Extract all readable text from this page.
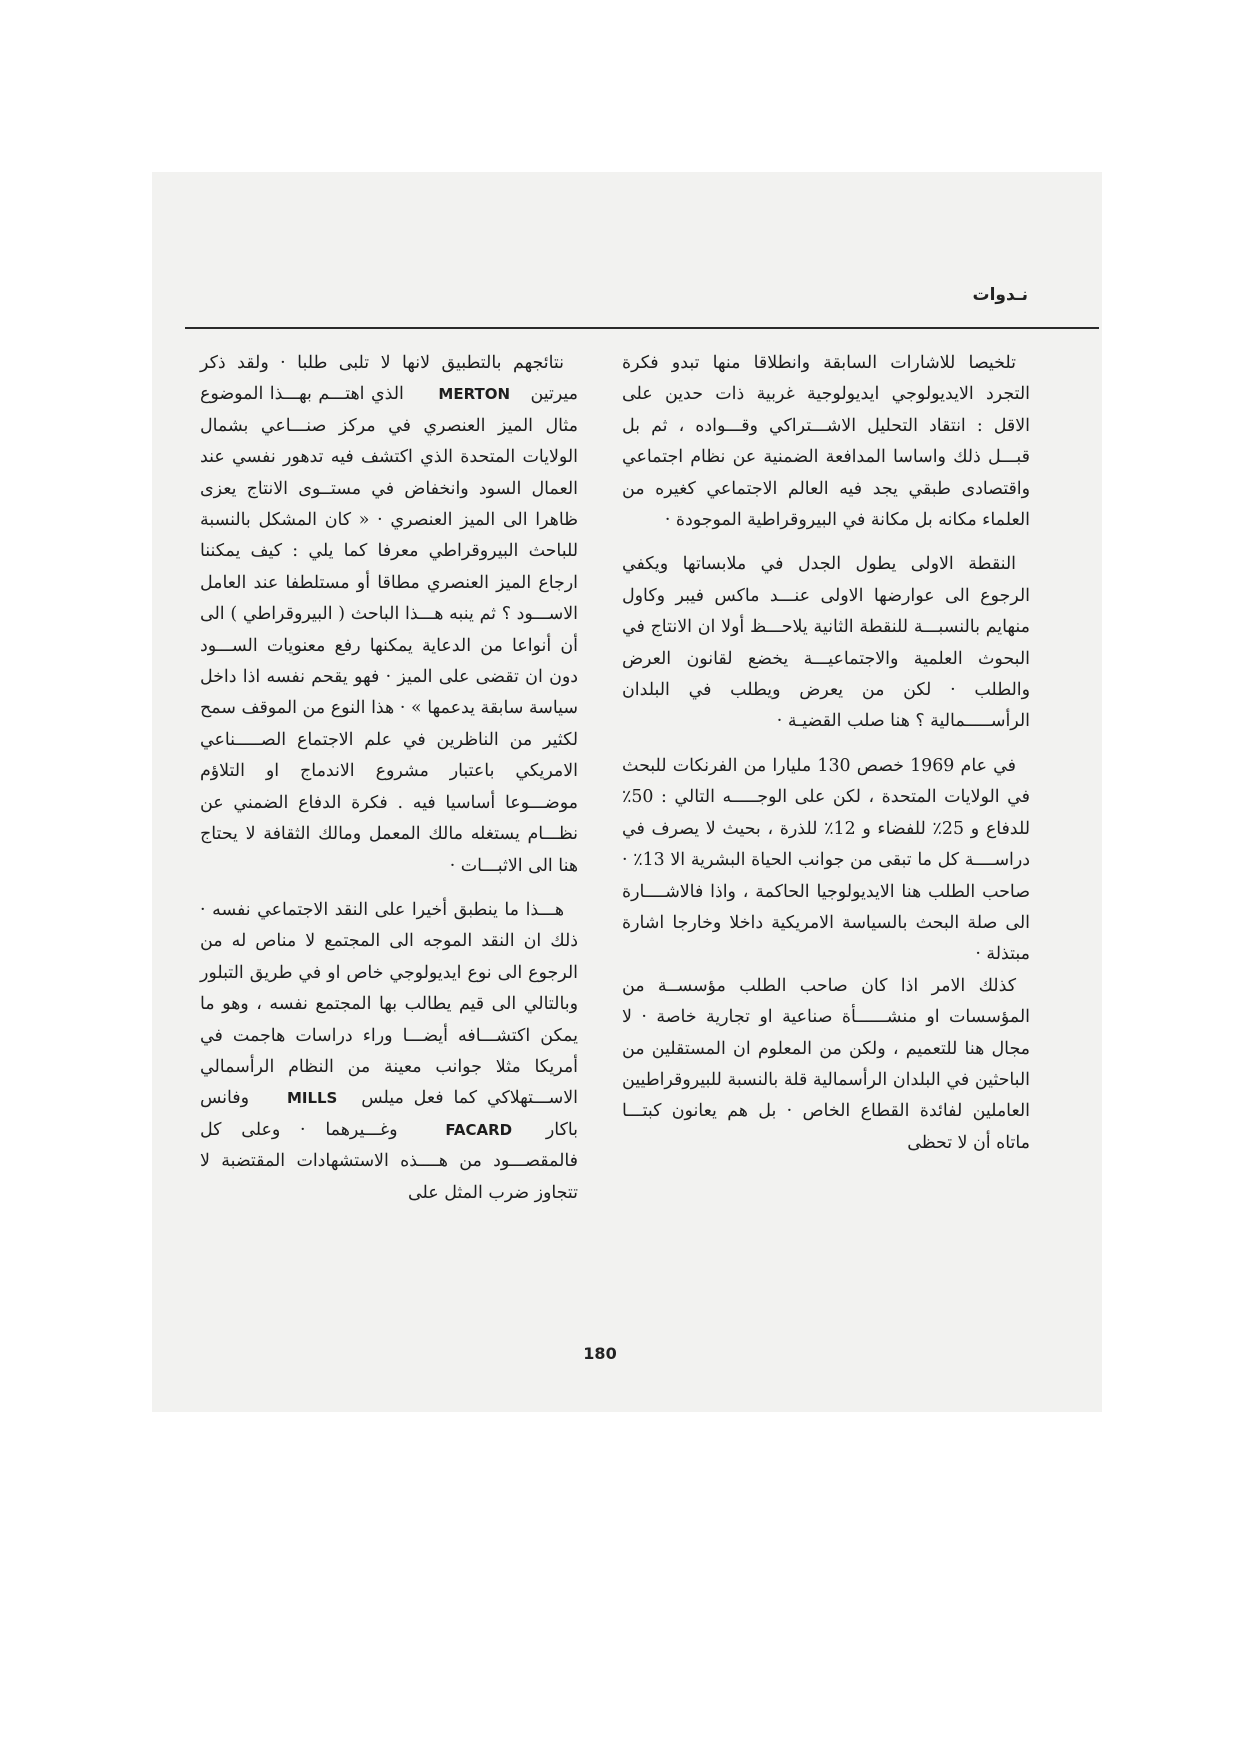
نـدوات

تلخيصا للاشارات السابقة وانطلاقا منها تبدو فكرة التجرد الايديولوجي ايديولوجية غربية ذات حدين على الاقل : انتقاد التحليل الاشـــتراكي وقـــواده ، ثم بل قبـــل ذلك واساسا المدافعة الضمنية عن نظام اجتماعي واقتصادى طبقي يجد فيه العالم الاجتماعي كغيره من العلماء مكانه بل مكانة في البيروقراطية الموجودة ·

النقطة الاولى يطول الجدل في ملابساتها ويكفي الرجوع الى عوارضها الاولى عنـــد ماكس فيبر وكاول منهايم بالنسبـــة للنقطة الثانية يلاحـــظ أولا ان الانتاج في البحوث العلمية والاجتماعيـــة يخضع لقانون العرض والطلب · لكن من يعرض ويطلب في البلدان الرأســـــمالية ؟ هنا صلب القضيـة ·

في عام 1969 خصص 130 مليارا من الفرنكات للبحث في الولايات المتحدة ، لكن على الوجـــــه التالي : 50٪ للدفاع و 25٪ للفضاء و 12٪ للذرة ، بحيث لا يصرف في دراســــة كل ما تبقى من جوانب الحياة البشرية الا 13٪ · صاحب الطلب هنا الايديولوجيا الحاكمة ، واذا فالاشــــارة الى صلة البحث بالسياسة الامريكية داخلا وخارجا اشارة مبتذلة ·

كذلك الامر اذا كان صاحب الطلب مؤسســة من المؤسسات او منشــــــأة صناعية او تجارية خاصة · لا مجال هنا للتعميم ، ولكن من المعلوم ان المستقلين من الباحثين في البلدان الرأسمالية قلة بالنسبة للبيروقراطيين العاملين لفائدة القطاع الخاص · بل هم يعانون كبتـــا ماتاه أن لا تحظى

نتائجهم بالتطبيق لانها لا تلبى طلبا · ولقد ذكر ميرتين MERTON الذي اهتـــم بهـــذا الموضوع مثال الميز العنصري في مركز صنـــاعي بشمال الولايات المتحدة الذي اكتشف فيه تدهور نفسي عند العمال السود وانخفاض في مستــوى الانتاج يعزى ظاهرا الى الميز العنصري · « كان المشكل بالنسبة للباحث البيروقراطي معرفا كما يلي : كيف يمكننا ارجاع الميز العنصري مطاقا أو مستلطفا عند العامل الاســـود ؟ ثم ينبه هـــذا الباحث ( البيروقراطي ) الى أن أنواعا من الدعاية يمكنها رفع معنويات الســـود دون ان تقضى على الميز · فهو يقحم نفسه اذا داخل سياسة سابقة يدعمها » · هذا النوع من الموقف سمح لكثير من الناظرين في علم الاجتماع الصـــــناعي الامريكي باعتبار مشروع الاندماج او التلاؤم موضـــوعا أساسيا فيه . فكرة الدفاع الضمني عن نظـــام يستغله مالك المعمل ومالك الثقافة لا يحتاج هنا الى الاثبـــات ·

هـــذا ما ينطبق أخيرا على النقد الاجتماعي نفسه · ذلك ان النقد الموجه الى المجتمع لا مناص له من الرجوع الى نوع ايديولوجي خاص او في طريق التبلور وبالتالي الى قيم يطالب بها المجتمع نفسه ، وهو ما يمكن اكتشـــافه أيضـــا وراء دراسات هاجمت في أمريكا مثلا جوانب معينة من النظام الرأسمالي الاســـتهلاكي كما فعل ميلس MILLS وفانس باكار FACARD وغـــيرهما · وعلى كل فالمقصـــود من هــــذه الاستشهادات المقتضبة لا تتجاوز ضرب المثل على

180
